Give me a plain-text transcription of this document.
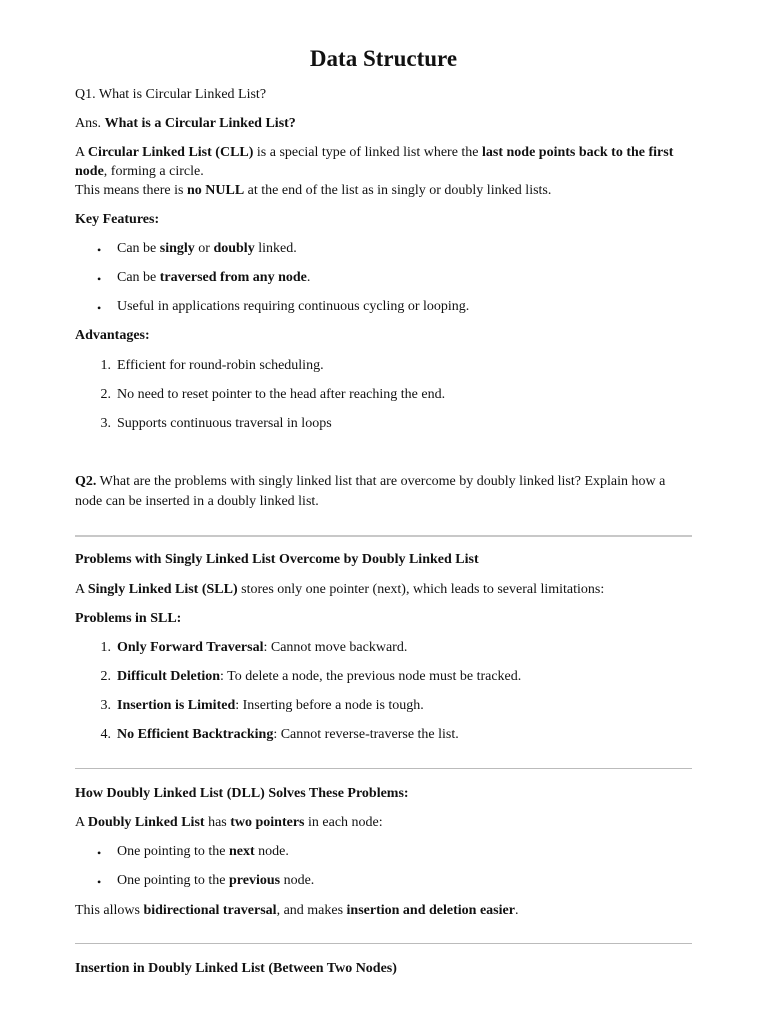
Data Structure

Q1. What is Circular Linked List?

Ans. What is a Circular Linked List?

A Circular Linked List (CLL) is a special type of linked list where the last node points back to the first

node, forming a circle.

This means there is no NULL at the end of the list as in singly or doubly linked lists.

Key Features:

• Can be singly or doubly linked.
• Can be traversed from any node.
• Useful in applications requiring continuous cycling or looping.

Advantages:

1. Efficient for round-robin scheduling.
2. No need to reset pointer to the head after reaching the end.
3. Supports continuous traversal in loops

Q2. What are the problems with singly linked list that are overcome by doubly linked list? Explain how a

node can be inserted in a doubly linked list.

Problems with Singly Linked List Overcome by Doubly Linked List

A Singly Linked List (SLL) stores only one pointer (next), which leads to several limitations:

Problems in SLL:

1. Only Forward Traversal: Cannot move backward.
2. Difficult Deletion: To delete a node, the previous node must be tracked.
3. Insertion is Limited: Inserting before a node is tough.
4. No Efficient Backtracking: Cannot reverse-traverse the list.

How Doubly Linked List (DLL) Solves These Problems:

A Doubly Linked List has two pointers in each node:

• One pointing to the next node.
• One pointing to the previous node.

This allows bidirectional traversal, and makes insertion and deletion easier.

Insertion in Doubly Linked List (Between Two Nodes)
